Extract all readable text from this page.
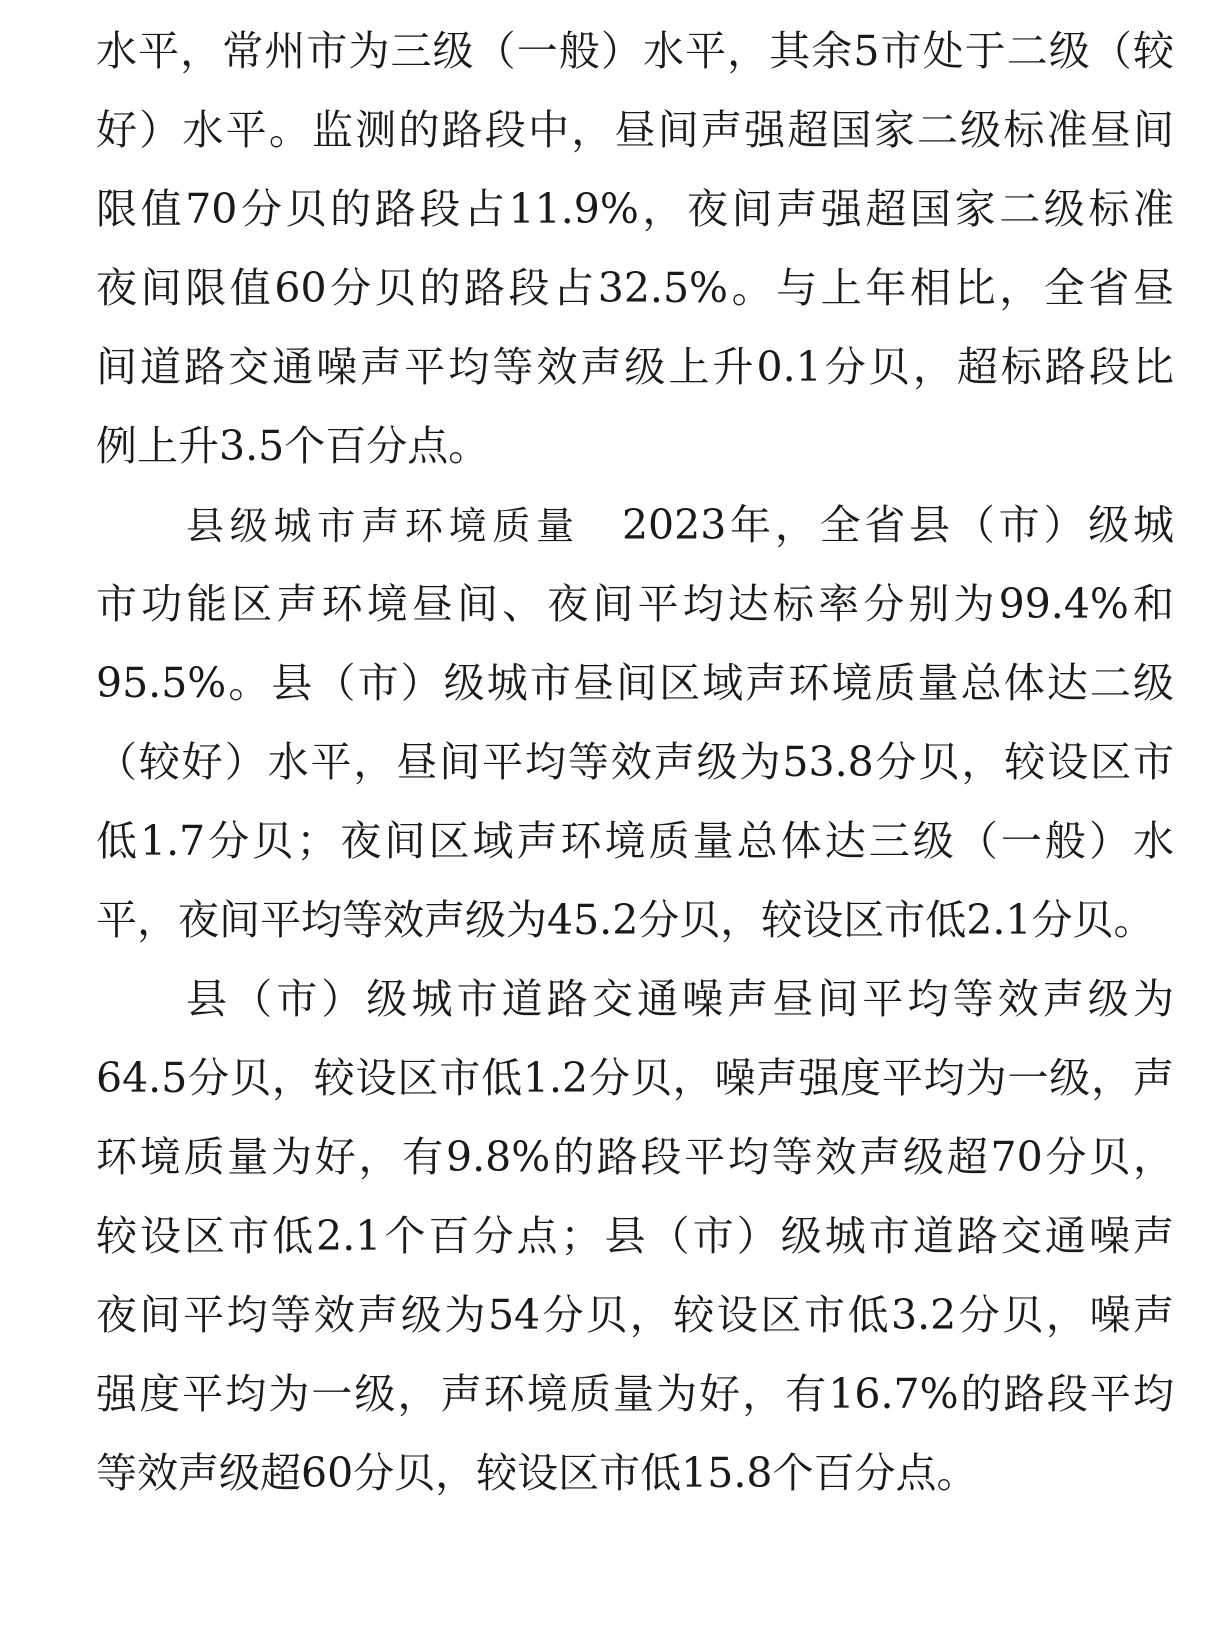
水平，常州市为三级（一般）水平，其余5市处于二级（较
好）水平。监测的路段中，昼间声强超国家二级标准昼间
限值70分贝的路段占11.9%，夜间声强超国家二级标准
夜间限值60分贝的路段占32.5%。与上年相比，全省昼
间道路交通噪声平均等效声级上升0.1分贝，超标路段比
例上升3.5个百分点。
县级城市声环境质量 2023年，全省县（市）级城
市功能区声环境昼间、夜间平均达标率分别为99.4%和
95.5%。县（市）级城市昼间区域声环境质量总体达二级
（较好）水平，昼间平均等效声级为53.8分贝，较设区市
低1.7分贝；夜间区域声环境质量总体达三级（一般）水
平，夜间平均等效声级为45.2分贝，较设区市低2.1分贝。
县（市）级城市道路交通噪声昼间平均等效声级为
64.5分贝，较设区市低1.2分贝，噪声强度平均为一级，声
环境质量为好，有9.8%的路段平均等效声级超70分贝，
较设区市低2.1个百分点；县（市）级城市道路交通噪声
夜间平均等效声级为54分贝，较设区市低3.2分贝，噪声
强度平均为一级，声环境质量为好，有16.7%的路段平均
等效声级超60分贝，较设区市低15.8个百分点。
